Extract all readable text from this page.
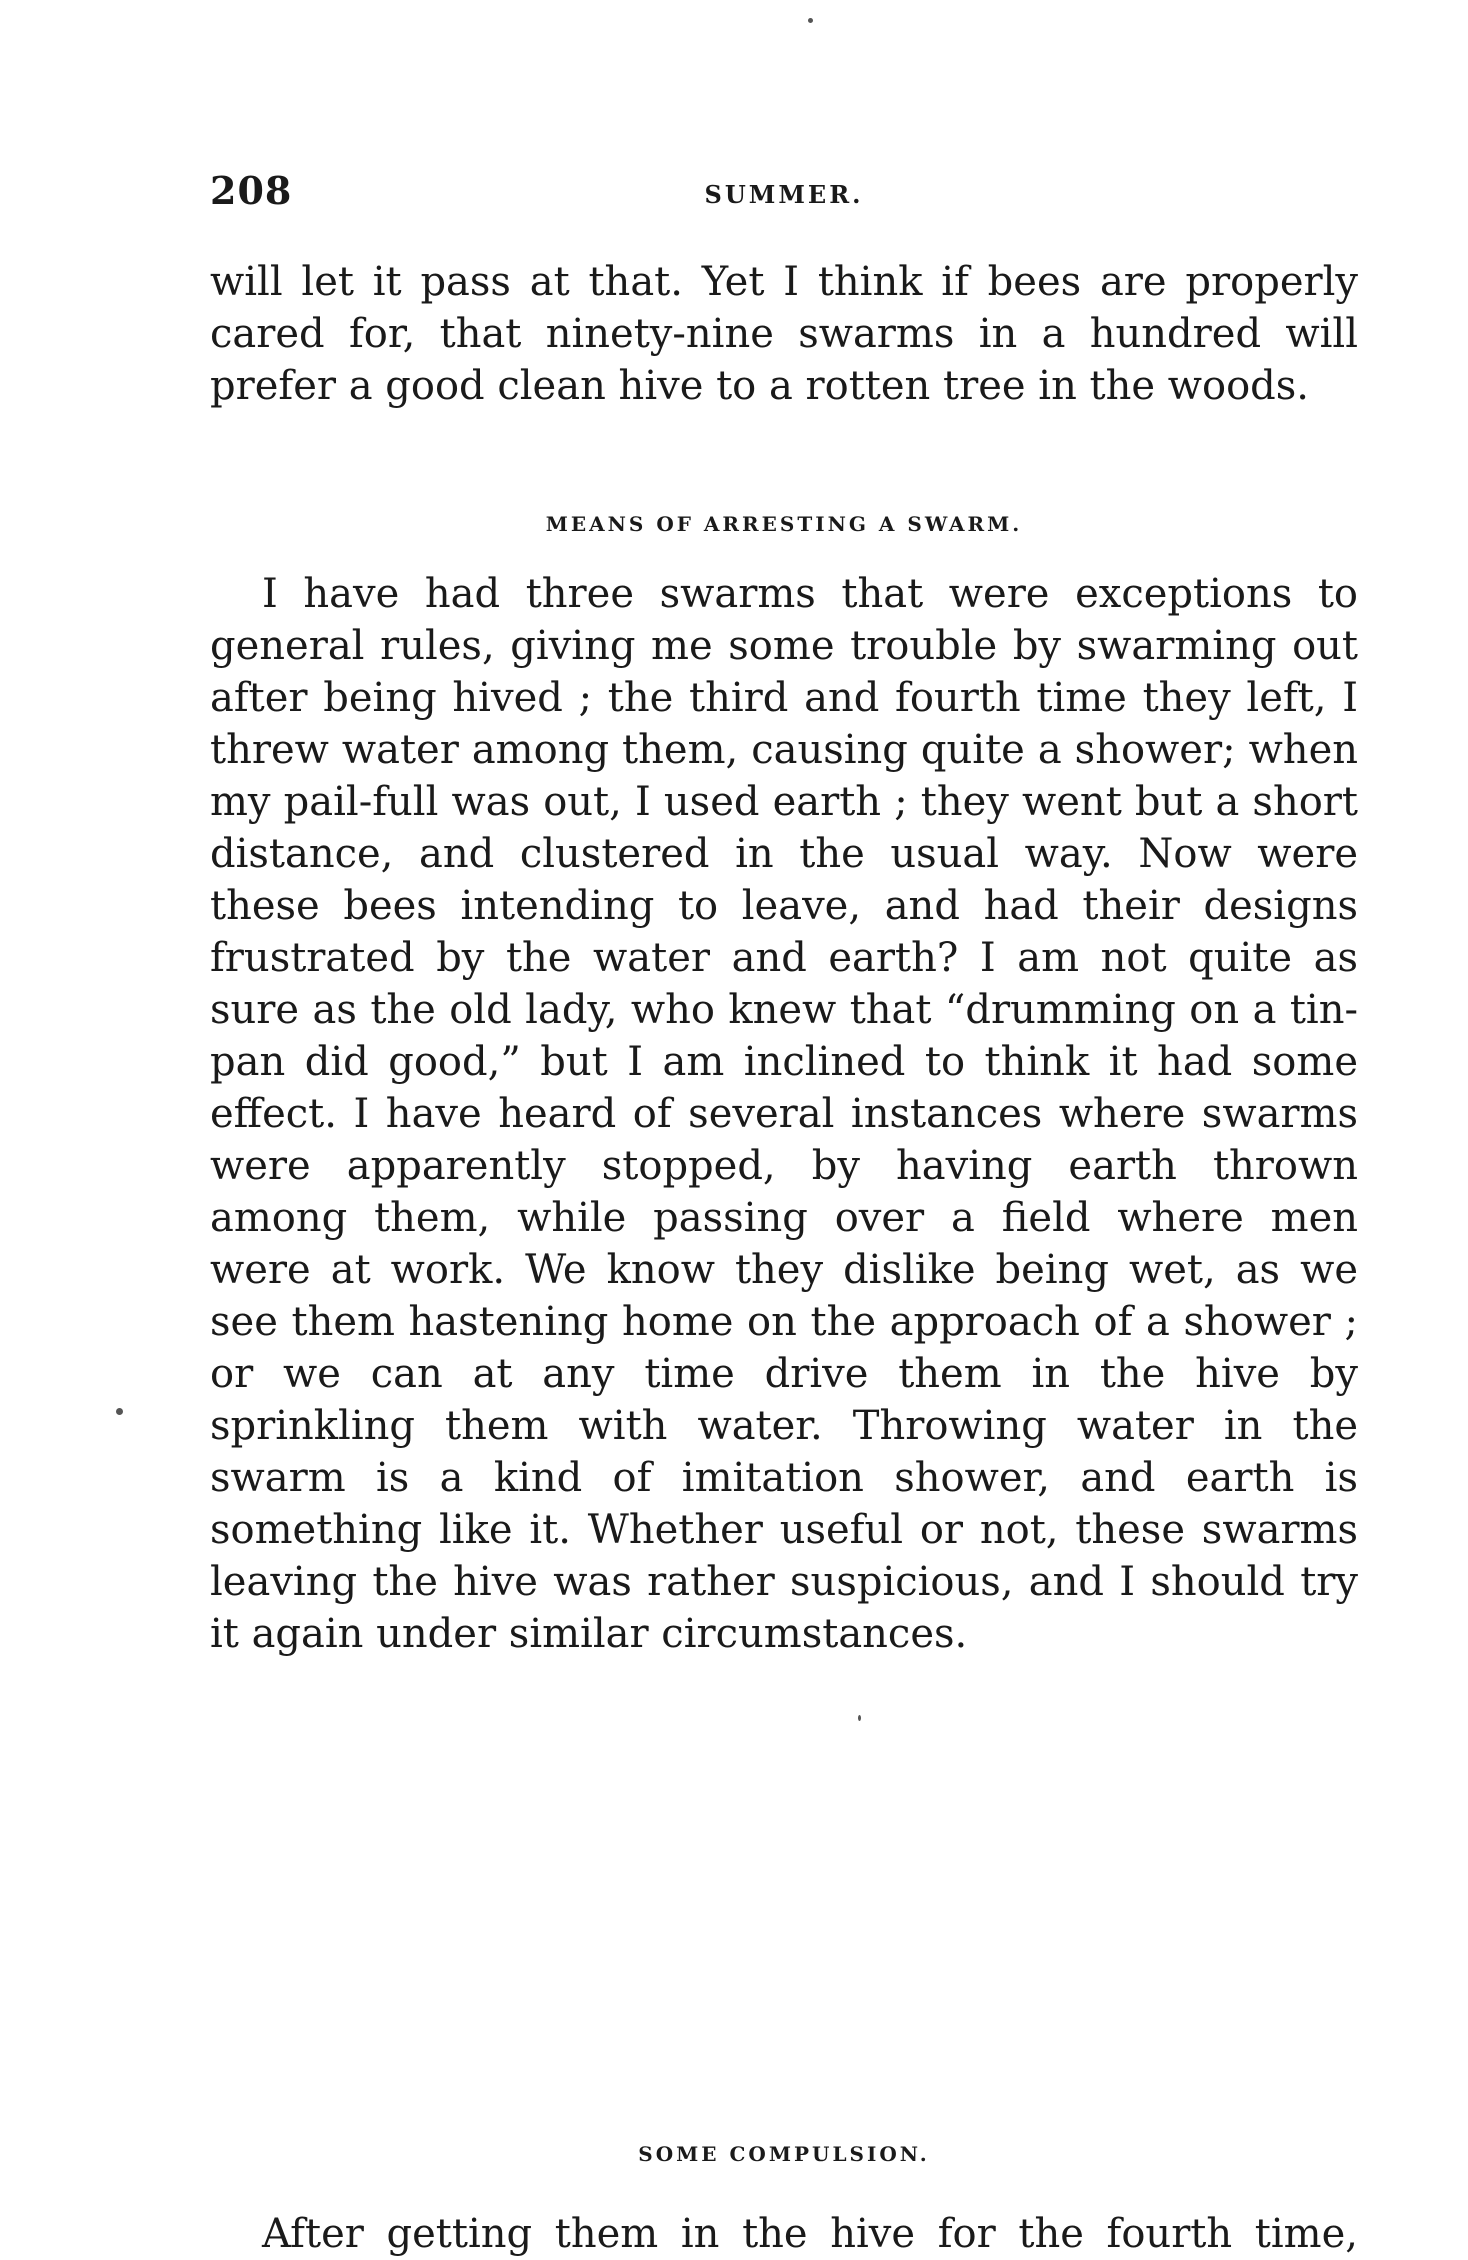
208	SUMMER.

will let it pass at that. Yet I think if bees are properly cared for, that ninety-nine swarms in a hundred will prefer a good clean hive to a rotten tree in the woods.

MEANS OF ARRESTING A SWARM.

I have had three swarms that were exceptions to general rules, giving me some trouble by swarming out after being hived ; the third and fourth time they left, I threw water among them, causing quite a shower; when my pail-full was out, I used earth ; they went but a short distance, and clustered in the usual way. Now were these bees intending to leave, and had their designs frustrated by the water and earth? I am not quite as sure as the old lady, who knew that “drumming on a tin-pan did good,” but I am inclined to think it had some effect. I have heard of several instances where swarms were apparently stopped, by having earth thrown among them, while passing over a field where men were at work. We know they dislike being wet, as we see them hastening home on the approach of a shower ; or we can at any time drive them in the hive by sprinkling them with water. Throwing water in the swarm is a kind of imitation shower, and earth is something like it. Whether useful or not, these swarms leaving the hive was rather suspicious, and I should try it again under similar circumstances.

SOME COMPULSION.

After getting them in the hive for the fourth time,
